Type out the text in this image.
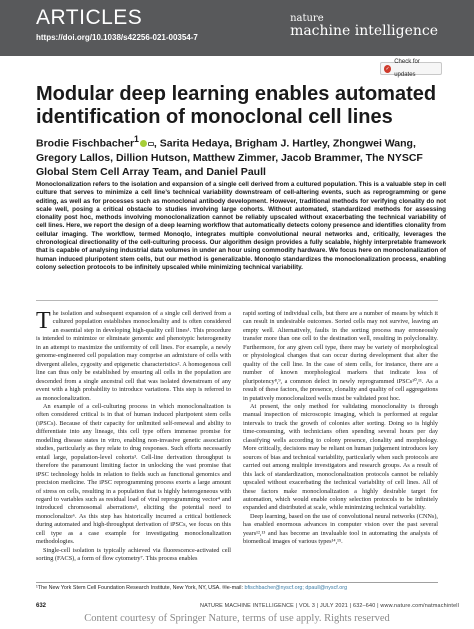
ARTICLES
https://doi.org/10.1038/s42256-021-00354-7
nature
machine intelligence
✓
Check for updates
Modular deep learning enables automated identification of monoclonal cell lines

Brodie Fischbacher$^1$ , Sarita Hedaya, Brigham J. Hartley, Zhongwei Wang, Gregory Lallos, Dillion Hutson, Matthew Zimmer, Jacob Brammer, The NYSCF Global Stem Cell Array Team, and Daniel Paull

Monoclonalization refers to the isolation and expansion of a single cell derived from a cultured population. This is a valuable step in cell culture that serves to minimize a cell line’s technical variability downstream of cell-altering events, such as reprogramming or gene editing, as well as for processes such as monoclonal antibody development. However, traditional methods for verifying clonality do not scale well, posing a critical obstacle to studies involving large cohorts. Without automated, standardized methods for assessing clonality post hoc, methods involving monoclonalization cannot be reliably upscaled without exacerbating the technical variability of cell lines. Here, we report the design of a deep learning workflow that automatically detects colony presence and identifies clonality from cellular imaging. The workflow, termed Monoqlo, integrates multiple convolutional neural networks and, critically, leverages the chronological directionality of the cell-culturing process. Our algorithm design provides a fully scalable, highly interpretable framework that is capable of analysing industrial data volumes in under an hour using commodity hardware. We focus here on monoclonalization of human induced pluripotent stem cells, but our method is generalizable. Monoqlo standardizes the monoclonalization process, enabling colony selection protocols to be infinitely upscaled while minimizing technical variability.

The isolation and subsequent expansion of a single cell derived from a cultured population establishes monoclonality and is often considered an essential step in developing high-quality cell lines¹. This procedure is intended to minimize or eliminate genomic and phenotypic heterogeneity in an attempt to maximize the uniformity of cell lines. For example, a newly genome-engineered cell population may comprise an admixture of cells with divergent alleles, zygosity and epigenetic characteristics². A homogenous cell line can thus only be established by ensuring all cells in the population are descended from a single ancestral cell that was isolated downstream of any event with a high probability to introduce variations. This step is referred to as monoclonalization.

An example of a cell-culturing process in which monoclonalization is often considered critical is in that of human induced pluripotent stem cells (iPSCs). Because of their capacity for unlimited self-renewal and ability to differentiate into any lineage, this cell type offers immense promise for modelling disease states in vitro, enabling non-invasive genetic association studies, particularly as they relate to drug responses. Such efforts necessarily entail large, population-level cohorts³. Cell-line derivation throughput is therefore the paramount limiting factor in unlocking the vast promise that iPSC technology holds in relation to fields such as functional genomics and precision medicine. The iPSC reprogramming process exerts a large amount of stress on cells, resulting in a population that is highly heterogeneous with regard to variables such as residual load of viral reprogramming vector⁴ and introduced chromosomal aberrations⁵, eliciting the potential need to monoclonalize⁶. As this step has historically incurred a critical bottleneck during automated and high-throughput derivation of iPSCs, we focus on this cell type as a case example for investigating monoclonalization methodologies.

Single-cell isolation is typically achieved via fluorescence-activated cell sorting (FACS), a form of flow cytometry⁷. This process enables

rapid sorting of individual cells, but there are a number of means by which it can result in undesirable outcomes. Sorted cells may not survive, leaving an empty well. Alternatively, faults in the sorting process may erroneously transfer more than one cell to the destination well, resulting in polyclonality. Furthermore, for any given cell type, there may be variety of morphological or physiological changes that can occur during development that alter the quality of the cell line. In the case of stem cells, for instance, there are a number of known morphological markers that indicate loss of pluripotency⁸,⁹, a common defect in newly reprogrammed iPSCs¹⁰,¹¹. As a result of these factors, the presence, clonality and quality of cell aggregations in putatively monoclonalized wells must be validated post hoc.

At present, the only method for validating monoclonality is through manual inspection of microscopic imaging, which is performed at regular intervals to track the growth of colonies after sorting. Doing so is highly time-consuming, with technicians often spending several hours per day classifying wells according to colony presence, clonality and morphology. More critically, decisions may be reliant on human judgement introduces key sources of bias and technical variability, particularly when such protocols are carried out among multiple investigators and research groups. As a result of this lack of standardization, monoclonalization protocols cannot be reliably upscaled without exacerbating the technical variability of cell lines. All of these factors make monoclonalization a highly desirable target for automation, which would enable colony selection protocols to be infinitely expanded and distributed at scale, while minimizing technical variability.

Deep learning, based on the use of convolutional neural networks (CNNs), has enabled enormous advances in computer vision over the past several years¹²,¹³ and has become an invaluable tool in automating the analysis of biomedical images of various types¹⁴,¹⁵.

¹The New York Stem Cell Foundation Research Institute, New York, NY, USA. ✉e-mail: bfischbacher@nyscf.org; dpaull@nyscf.org
632	NATURE MACHINE INTELLIGENCE | VOL 3 | JULY 2021 | 632–640 | www.nature.com/natmachintell
Content courtesy of Springer Nature, terms of use apply. Rights reserved
